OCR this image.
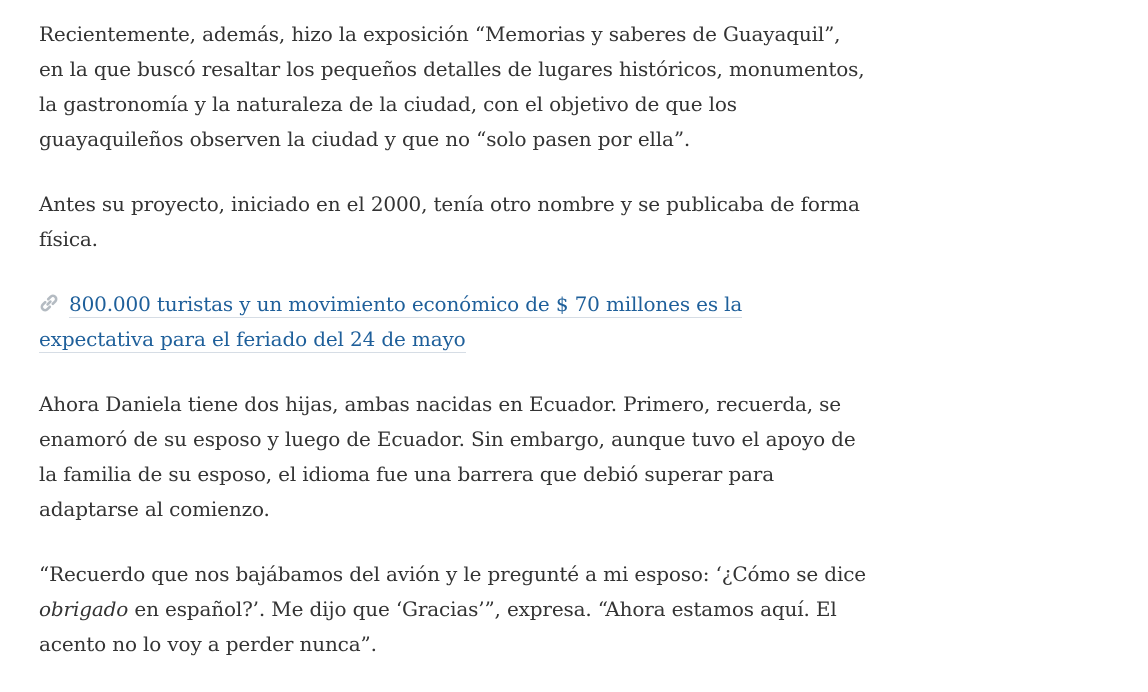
Recientemente, además, hizo la exposición “Memorias y saberes de Guayaquil”, en la que buscó resaltar los pequeños detalles de lugares históricos, monumentos, la gastronomía y la naturaleza de la ciudad, con el objetivo de que los guayaquileños observen la ciudad y que no “solo pasen por ella”.

Antes su proyecto, iniciado en el 2000, tenía otro nombre y se publicaba de forma física.

800.000 turistas y un movimiento económico de $ 70 millones es la expectativa para el feriado del 24 de mayo

Ahora Daniela tiene dos hijas, ambas nacidas en Ecuador. Primero, recuerda, se enamoró de su esposo y luego de Ecuador. Sin embargo, aunque tuvo el apoyo de la familia de su esposo, el idioma fue una barrera que debió superar para adaptarse al comienzo.

“Recuerdo que nos bajábamos del avión y le pregunté a mi esposo: ‘¿Cómo se dice obrigado en español?’. Me dijo que ‘Gracias’”, expresa. “Ahora estamos aquí. El acento no lo voy a perder nunca”.
